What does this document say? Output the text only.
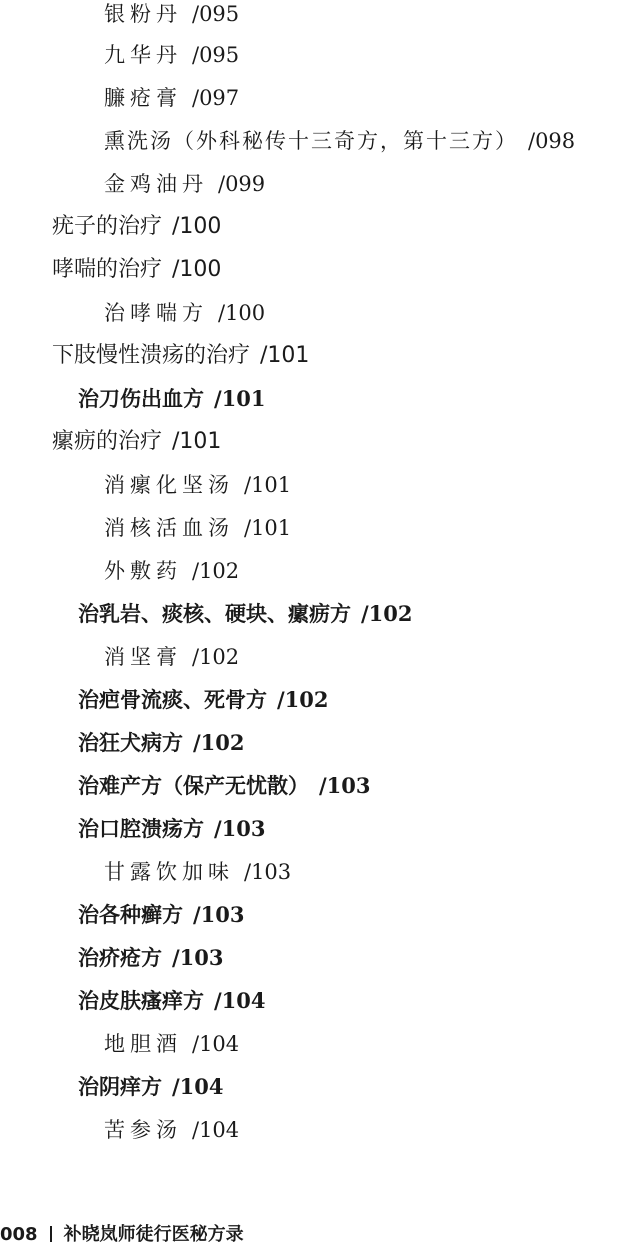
银粉丹 /095
九华丹 /095
臁疮膏 /097
熏洗汤（外科秘传十三奇方，第十三方） /098
金鸡油丹 /099
疣子的治疗 /100
哮喘的治疗 /100
治哮喘方 /100
下肢慢性溃疡的治疗 /101
治刀伤出血方 /101
瘰疬的治疗 /101
消瘰化坚汤 /101
消核活血汤 /101
外敷药 /102
治乳岩、痰核、硬块、瘰疬方 /102
消坚膏 /102
治疤骨流痰、死骨方 /102
治狂犬病方 /102
治难产方（保产无忧散） /103
治口腔溃疡方 /103
甘露饮加味 /103
治各种癣方 /103
治疥疮方 /103
治皮肤瘙痒方 /104
地胆酒 /104
治阴痒方 /104
苦参汤 /104
008 补晓岚师徒行医秘方录
